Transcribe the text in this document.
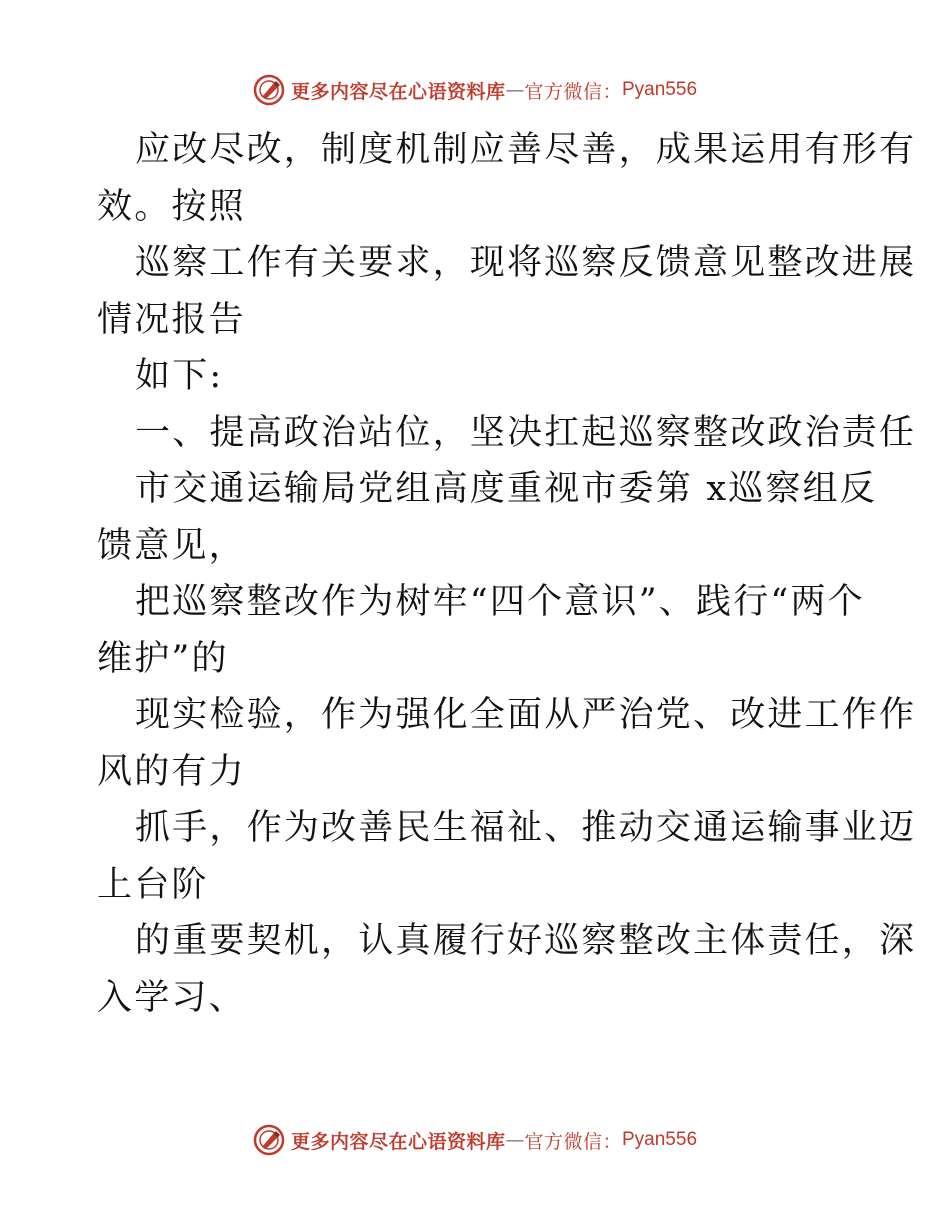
更多内容尽在心语资料库 — 官方微信： Pyan556
应改尽改，制度机制应善尽善，成果运用有形有
效。按照
巡察工作有关要求，现将巡察反馈意见整改进展
情况报告
如下:
一、提高政治站位，坚决扛起巡察整改政治责任
市交通运输局党组高度重视市委第 x巡察组反
馈意见，
把巡察整改作为树牢“四个意识”、践行“两个
维护”的
现实检验，作为强化全面从严治党、改进工作作
风的有力
抓手，作为改善民生福祉、推动交通运输事业迈
上台阶
的重要契机，认真履行好巡察整改主体责任，深
入学习、
更多内容尽在心语资料库 — 官方微信： Pyan556
